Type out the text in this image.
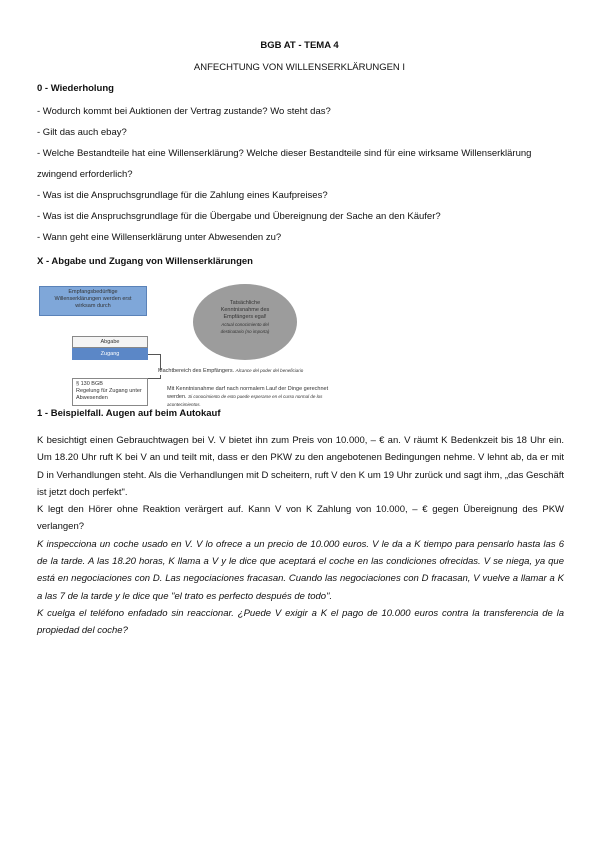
BGB AT - TEMA 4
ANFECHTUNG VON WILLENSERKLÄRUNGEN I
0 - Wiederholung
- Wodurch kommt bei Auktionen der Vertrag zustande? Wo steht das?
- Gilt das auch ebay?
- Welche Bestandteile hat eine Willenserklärung? Welche dieser Bestandteile sind für eine wirksame Willenserklärung
zwingend erforderlich?
- Was ist die Anspruchsgrundlage für die Zahlung eines Kaufpreises?
- Was ist die Anspruchsgrundlage für die Übergabe und Übereignung der Sache an den Käufer?
- Wann geht eine Willenserklärung unter Abwesenden zu?
X - Abgabe und Zugang von Willenserklärungen
Empfangsbedürftige
Willenserklärungen werden erst
wirksam durch
Abgabe
Zugang
Tatsächliche
Kenntnisnahme des
Empfängers egal!
Actual conocimiento del
destinatario (no importa)
§ 130 BGB
Regelung für Zugang unter
Abwesenden
Machtbereich des Empfängers. Alcance del poder del beneficiario
Mit Kenntnisnahme darf nach normalem Lauf der Dinge gerechnet werden. Si conocimiento de esto puede esperarse en el curso normal de los acontecimientos.
1 - Beispielfall. Augen auf beim Autokauf

K besichtigt einen Gebrauchtwagen bei V. V bietet ihn zum Preis von 10.000, – € an. V räumt K Bedenkzeit bis 18 Uhr ein. Um 18.20 Uhr ruft K bei V an und teilt mit, dass er den PKW zu den angebotenen Bedingungen nehme. V lehnt ab, da er mit D in Verhandlungen steht. Als die Verhandlungen mit D scheitern, ruft V den K um 19 Uhr zurück und sagt ihm, „das Geschäft ist jetzt doch perfekt".

K legt den Hörer ohne Reaktion verärgert auf. Kann V von K Zahlung von 10.000, – € gegen Übereignung des PKW verlangen?

K inspecciona un coche usado en V. V lo ofrece a un precio de 10.000 euros. V le da a K tiempo para pensarlo hasta las 6 de la tarde. A las 18.20 horas, K llama a V y le dice que aceptará el coche en las condiciones ofrecidas. V se niega, ya que está en negociaciones con D. Las negociaciones fracasan. Cuando las negociaciones con D fracasan, V vuelve a llamar a K a las 7 de la tarde y le dice que "el trato es perfecto después de todo".

K cuelga el teléfono enfadado sin reaccionar. ¿Puede V exigir a K el pago de 10.000 euros contra la transferencia de la propiedad del coche?
